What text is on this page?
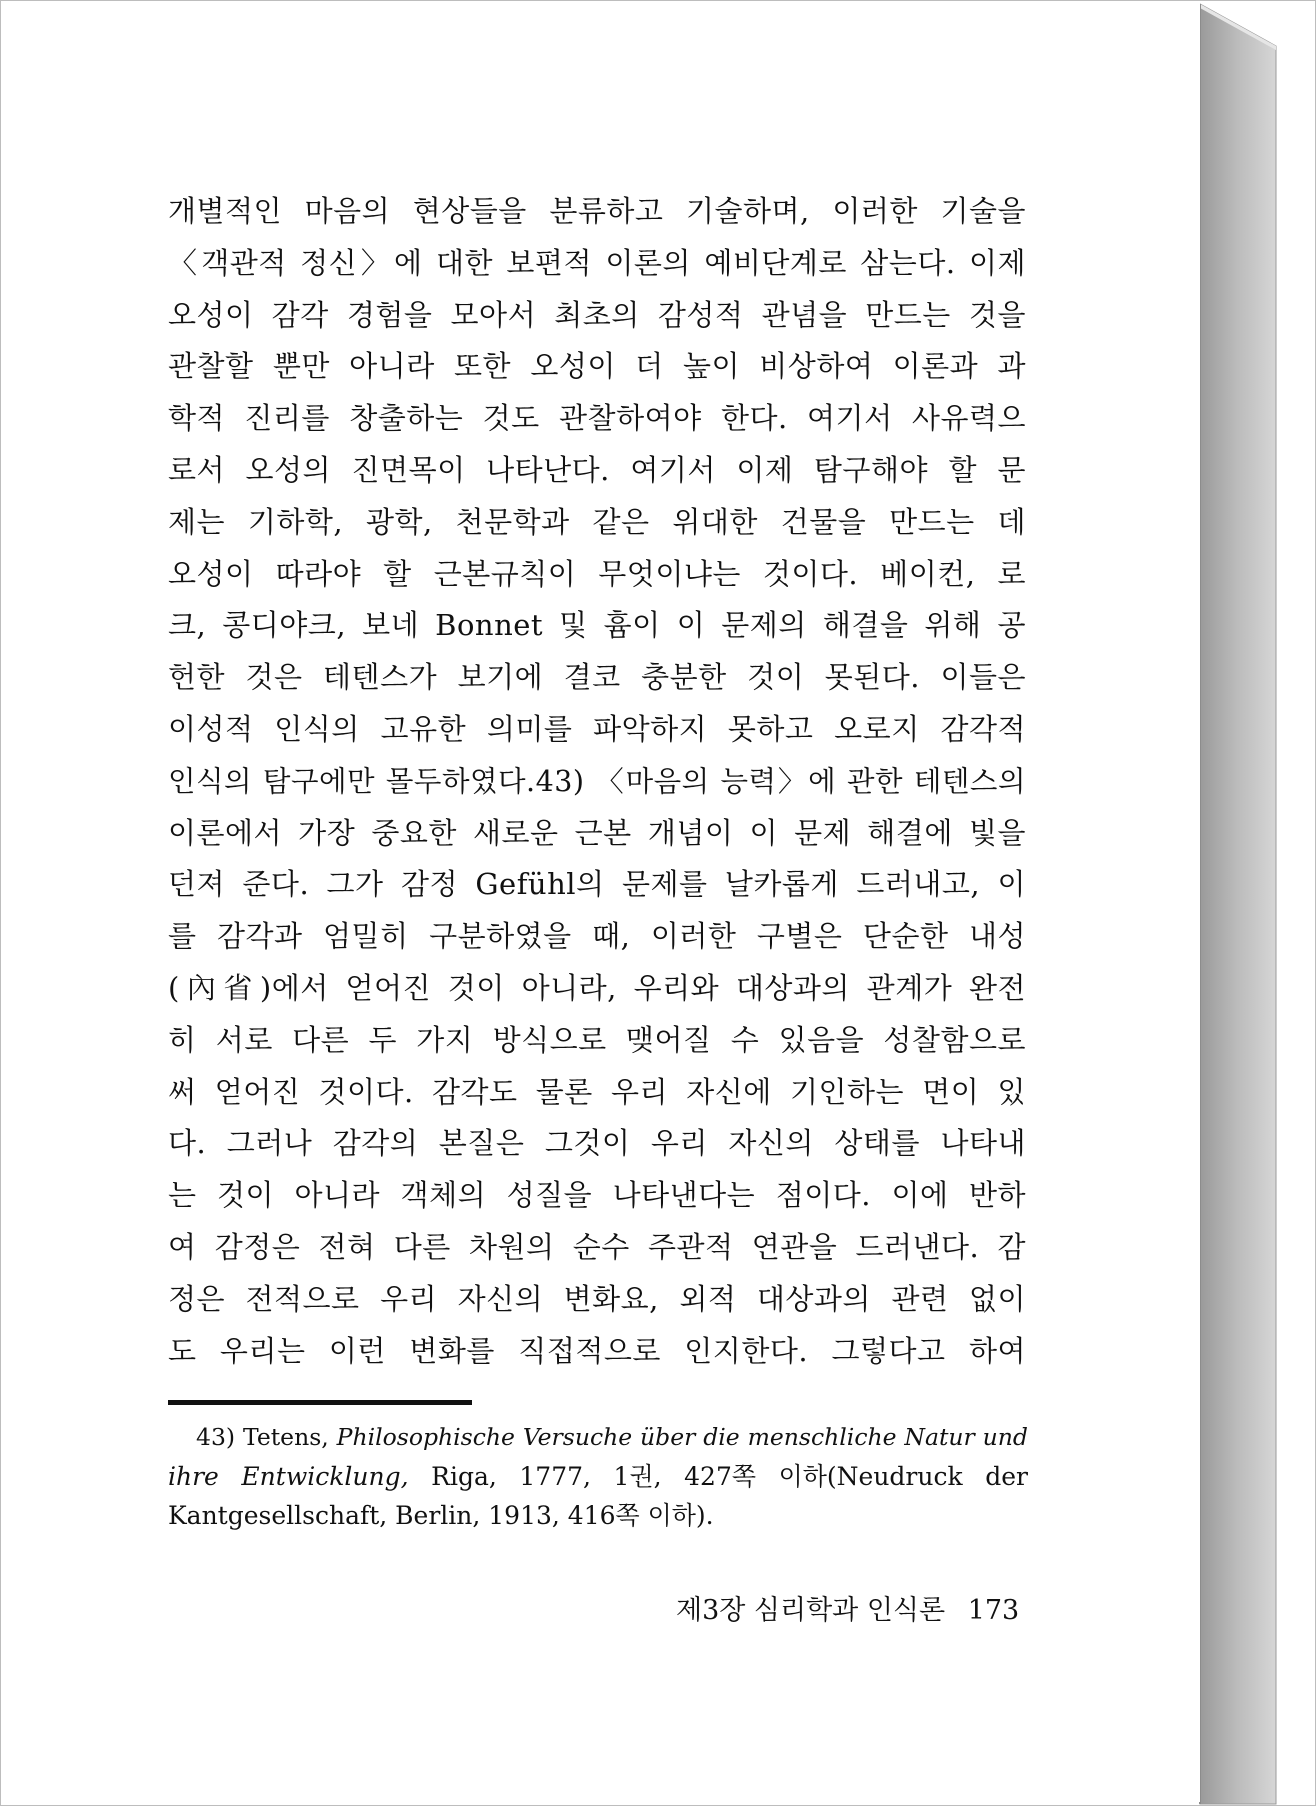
개별적인 마음의 현상들을 분류하고 기술하며, 이러한 기술을
〈객관적 정신〉에 대한 보편적 이론의 예비단계로 삼는다. 이제
오성이 감각 경험을 모아서 최초의 감성적 관념을 만드는 것을
관찰할 뿐만 아니라 또한 오성이 더 높이 비상하여 이론과 과
학적 진리를 창출하는 것도 관찰하여야 한다. 여기서 사유력으
로서 오성의 진면목이 나타난다. 여기서 이제 탐구해야 할 문
제는 기하학, 광학, 천문학과 같은 위대한 건물을 만드는 데
오성이 따라야 할 근본규칙이 무엇이냐는 것이다. 베이컨, 로
크, 콩디야크, 보네 Bonnet 및 흄이 이 문제의 해결을 위해 공
헌한 것은 테텐스가 보기에 결코 충분한 것이 못된다. 이들은
이성적 인식의 고유한 의미를 파악하지 못하고 오로지 감각적
인식의 탐구에만 몰두하였다.43) 〈마음의 능력〉에 관한 테텐스의
이론에서 가장 중요한 새로운 근본 개념이 이 문제 해결에 빛을
던져 준다. 그가 감정 Gefühl의 문제를 날카롭게 드러내고, 이
를 감각과 엄밀히 구분하였을 때, 이러한 구별은 단순한 내성
(內省)에서 얻어진 것이 아니라, 우리와 대상과의 관계가 완전
히 서로 다른 두 가지 방식으로 맺어질 수 있음을 성찰함으로
써 얻어진 것이다. 감각도 물론 우리 자신에 기인하는 면이 있
다. 그러나 감각의 본질은 그것이 우리 자신의 상태를 나타내
는 것이 아니라 객체의 성질을 나타낸다는 점이다. 이에 반하
여 감정은 전혀 다른 차원의 순수 주관적 연관을 드러낸다. 감
정은 전적으로 우리 자신의 변화요, 외적 대상과의 관련 없이
도 우리는 이런 변화를 직접적으로 인지한다. 그렇다고 하여
43) Tetens, Philosophische Versuche über die menschliche Natur und
ihre Entwicklung, Riga, 1777, 1권, 427쪽 이하(Neudruck der
Kantgesellschaft, Berlin, 1913, 416쪽 이하).
제3장 심리학과 인식론 173
